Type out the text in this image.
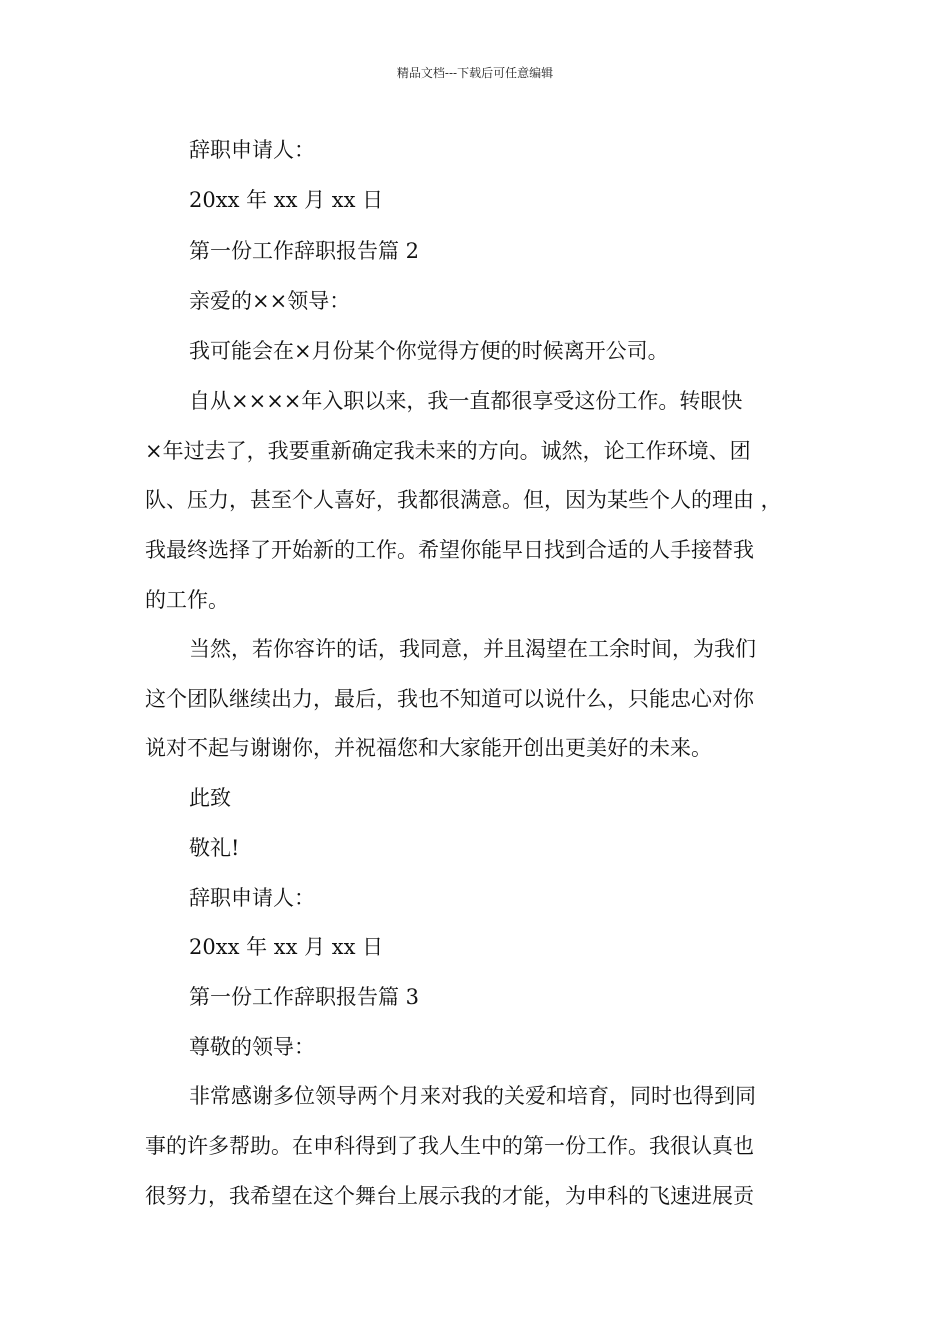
精品文档---下载后可任意编辑
辞职申请人：
20xx 年 xx 月 xx 日
第一份工作辞职报告篇 2
亲爱的××领导：
我可能会在×月份某个你觉得方便的时候离开公司。
自从××××年入职以来，我一直都很享受这份工作。转眼快
×年过去了，我要重新确定我未来的方向。诚然，论工作环境、团
队、压力，甚至个人喜好，我都很满意。但，因为某些个人的理由 ，
我最终选择了开始新的工作。希望你能早日找到合适的人手接替我
的工作。
当然，若你容许的话，我同意，并且渴望在工余时间，为我们
这个团队继续出力，最后，我也不知道可以说什么，只能忠心对你
说对不起与谢谢你，并祝福您和大家能开创出更美好的未来。
此致
敬礼!
辞职申请人：
20xx 年 xx 月 xx 日
第一份工作辞职报告篇 3
尊敬的领导：
非常感谢多位领导两个月来对我的关爱和培育，同时也得到同
事的许多帮助。在申科得到了我人生中的第一份工作。我很认真也
很努力，我希望在这个舞台上展示我的才能，为申科的飞速进展贡
